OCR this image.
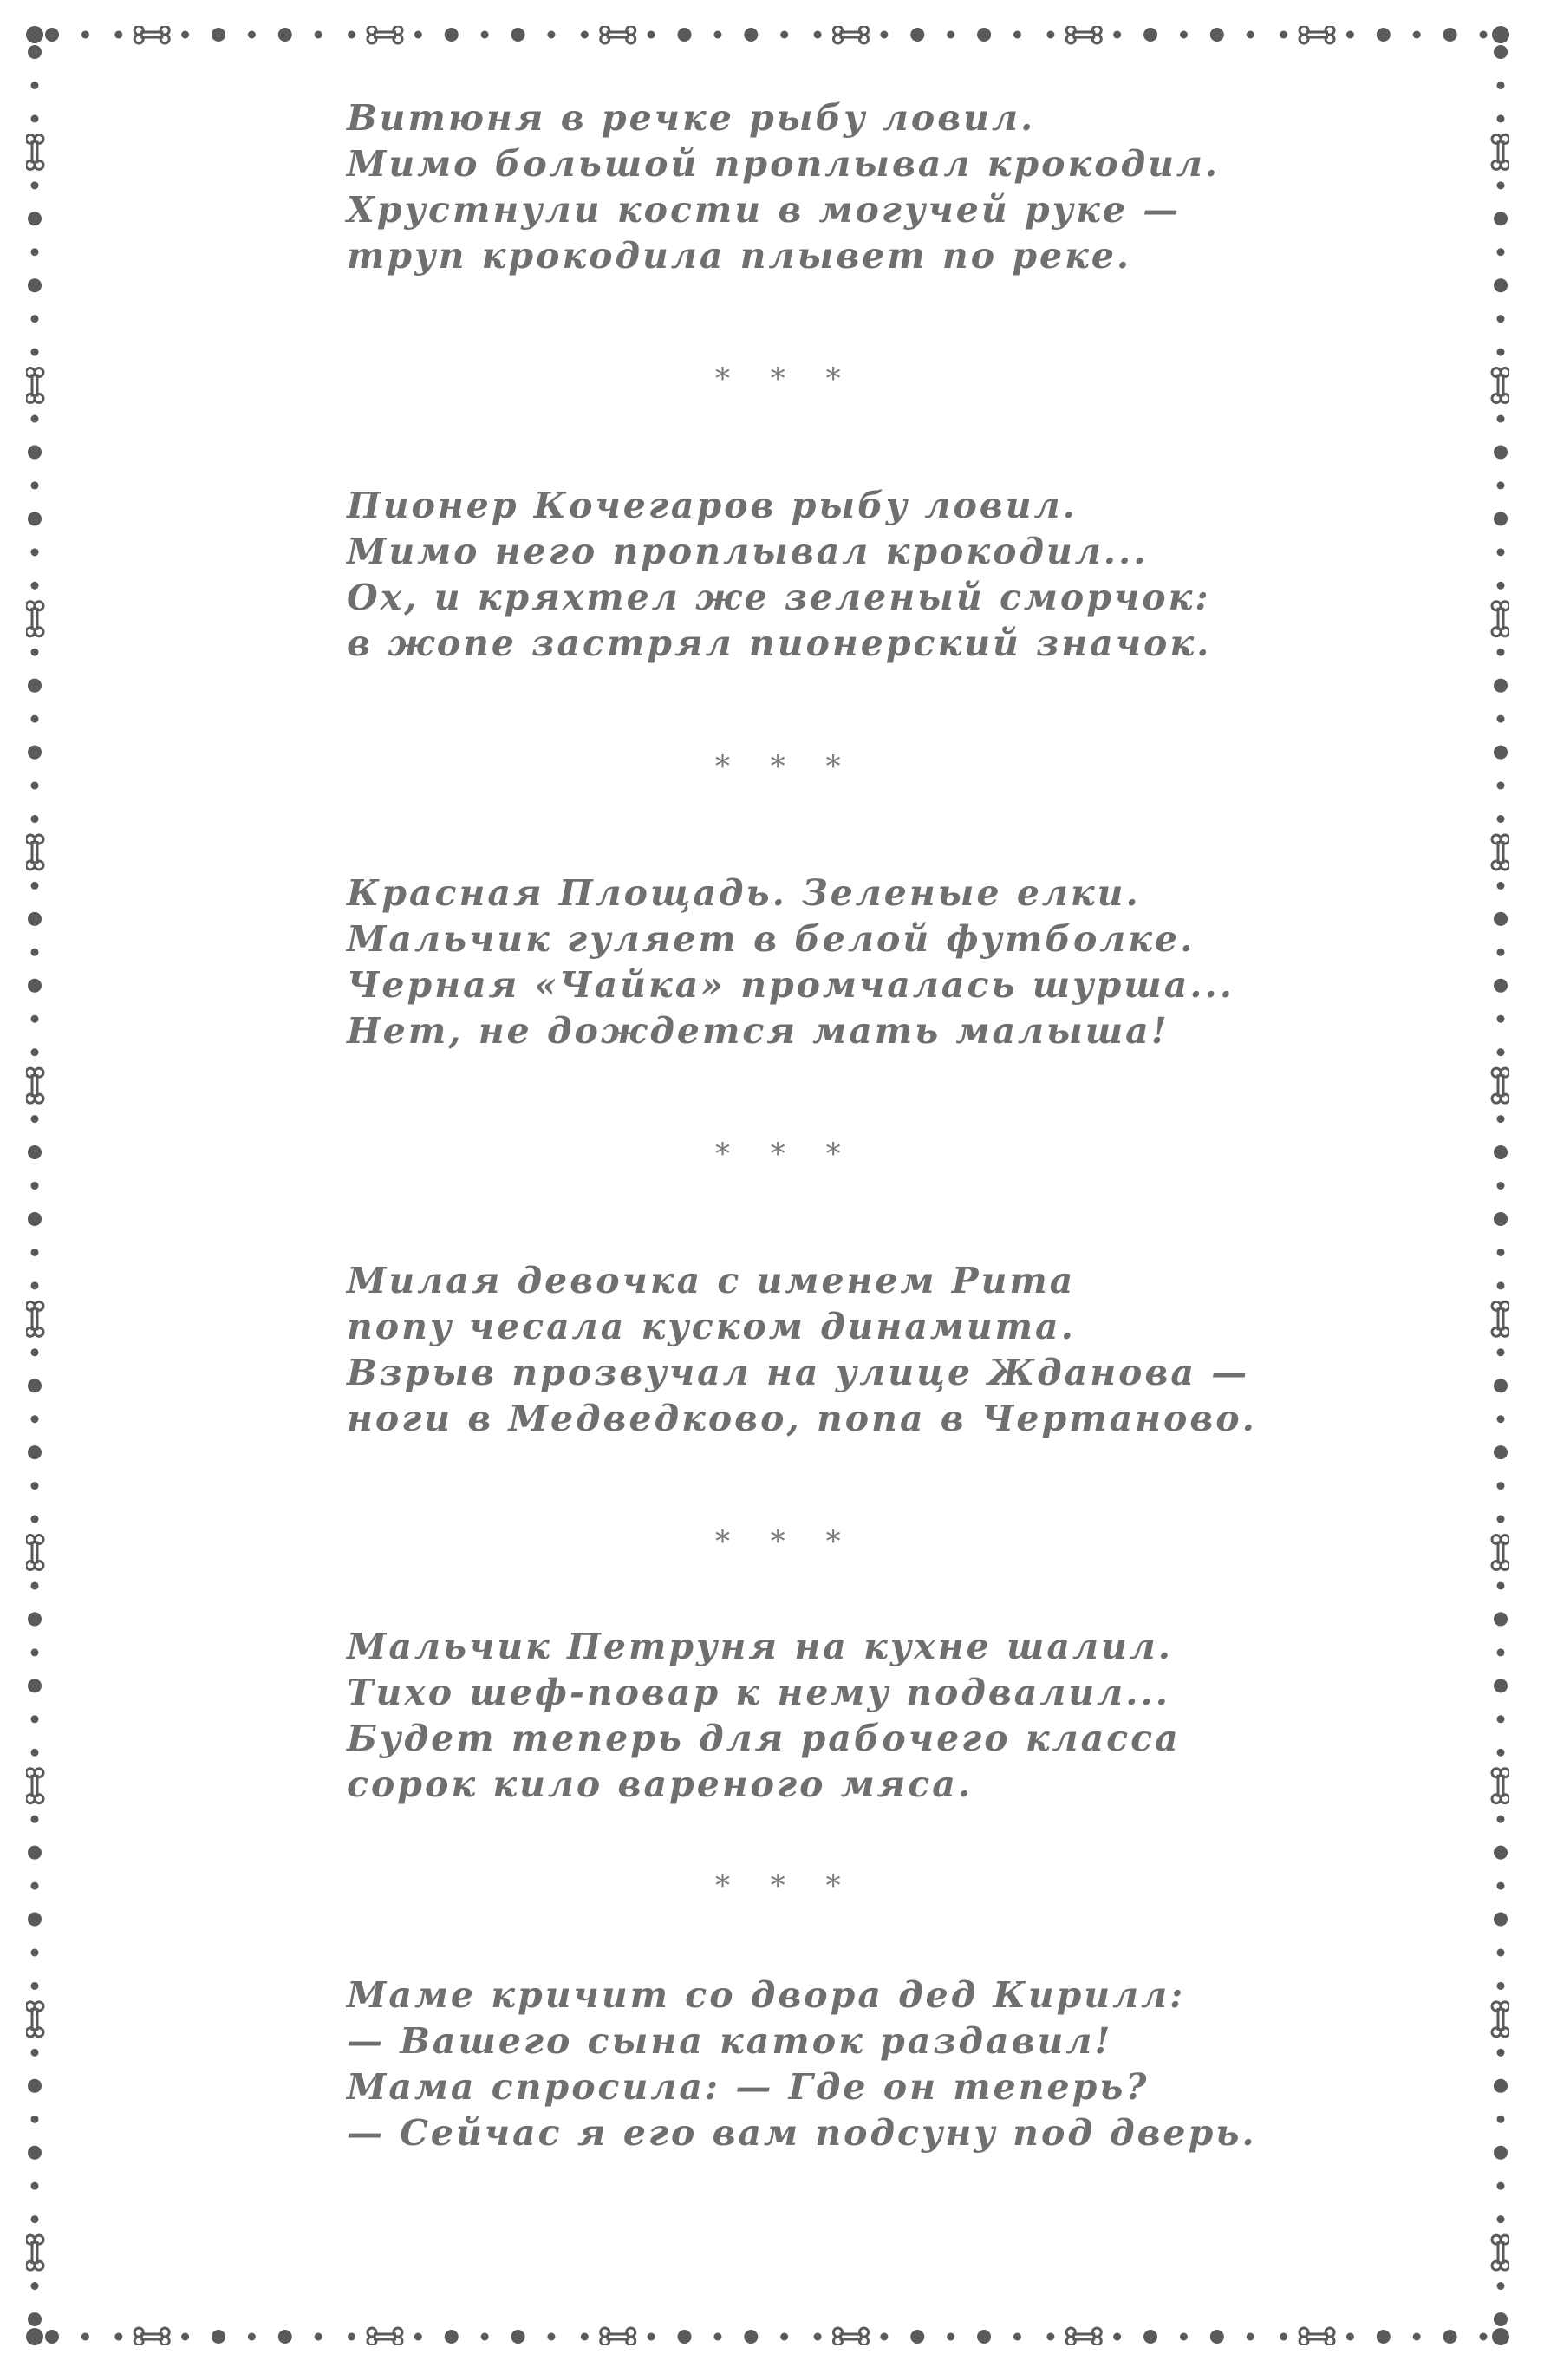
Витюня в речке рыбу ловил.
Мимо большой проплывал крокодил.
Хрустнули кости в могучей руке —
труп крокодила плывет по реке.

* * *

Пионер Кочегаров рыбу ловил.
Мимо него проплывал крокодил...
Ох, и кряхтел же зеленый сморчок:
в жопе застрял пионерский значок.

* * *

Красная Площадь. Зеленые елки.
Мальчик гуляет в белой футболке.
Черная «Чайка» промчалась шурша...
Нет, не дождется мать малыша!

* * *

Милая девочка с именем Рита
попу чесала куском динамита.
Взрыв прозвучал на улице Жданова —
ноги в Медведково, попа в Чертаново.

* * *

Мальчик Петруня на кухне шалил.
Тихо шеф-повар к нему подвалил...
Будет теперь для рабочего класса
сорок кило вареного мяса.

* * *

Маме кричит со двора дед Кирилл:
— Вашего сына каток раздавил!
Мама спросила: — Где он теперь?
— Сейчас я его вам подсуну под дверь.
